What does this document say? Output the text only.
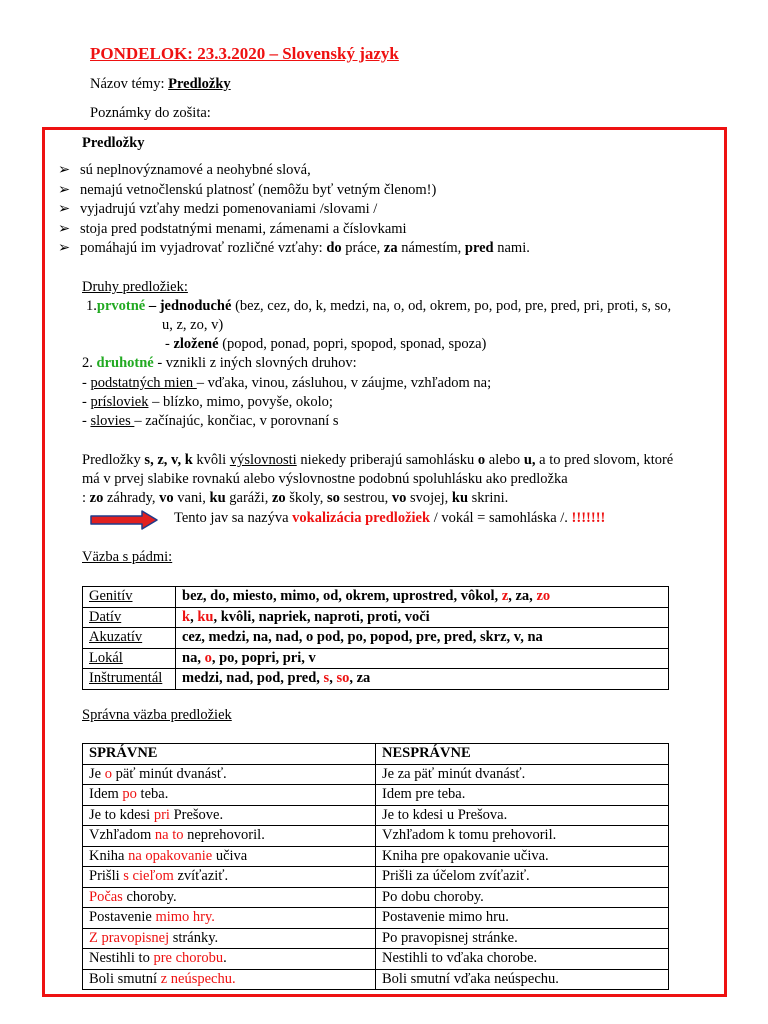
PONDELOK: 23.3.2020 – Slovenský jazyk
Názov témy: Predložky
Poznámky do zošita:
Predložky
➢ sú neplnovýznamové a neohybné slová,
➢ nemajú vetnočlenskú platnosť (nemôžu byť vetným členom!)
➢ vyjadrujú vzťahy medzi pomenovaniami /slovami /
➢ stoja pred podstatnými menami, zámenami a číslovkami
➢ pomáhajú im vyjadrovať rozličné vzťahy: do práce, za námestím, pred nami.
Druhy predložiek:
1.prvotné – jednoduché (bez, cez, do, k, medzi, na, o, od, okrem, po, pod, pre, pred, pri, proti, s, so,
u, z, zo, v)
- zložené (popod, ponad, popri, spopod, sponad, spoza)
2. druhotné - vznikli z iných slovných druhov:
- podstatných mien – vďaka, vinou, zásluhou, v záujme, vzhľadom na;
- prísloviek – blízko, mimo, povyše, okolo;
- slovies – začínajúc, končiac, v porovnaní s
Predložky s, z, v, k kvôli výslovnosti niekedy priberajú samohlásku o alebo u, a to pred slovom, ktoré
má v prvej slabike rovnakú alebo výslovnostne podobnú spoluhlásku ako predložka
: zo záhrady, vo vani, ku garáži, zo školy, so sestrou, vo svojej, ku skrini.
Tento jav sa nazýva vokalizácia predložiek / vokál = samohláska /. !!!!!!!
Väzba s pádmi:
Genitív	bez, do, miesto, mimo, od, okrem, uprostred, vôkol, z, za, zo
Datív	k, ku, kvôli, napriek, naproti, proti, voči
Akuzatív	cez, medzi, na, nad, o pod, po, popod, pre, pred, skrz, v, na
Lokál	na, o, po, popri, pri, v
Inštrumentál	medzi, nad, pod, pred, s, so, za
Správna väzba predložiek
SPRÁVNE	NESPRÁVNE
Je o päť minút dvanásť.	Je za päť minút dvanásť.
Idem po teba.	Idem pre teba.
Je to kdesi pri Prešove.	Je to kdesi u Prešova.
Vzhľadom na to neprehovoril.	Vzhľadom k tomu prehovoril.
Kniha na opakovanie učiva	Kniha pre opakovanie učiva.
Prišli s cieľom zvíťaziť.	Prišli za účelom zvíťaziť.
Počas choroby.	Po dobu choroby.
Postavenie mimo hry.	Postavenie mimo hru.
Z pravopisnej stránky.	Po pravopisnej stránke.
Nestihli to pre chorobu.	Nestihli to vďaka chorobe.
Boli smutní z neúspechu.	Boli smutní vďaka neúspechu.
